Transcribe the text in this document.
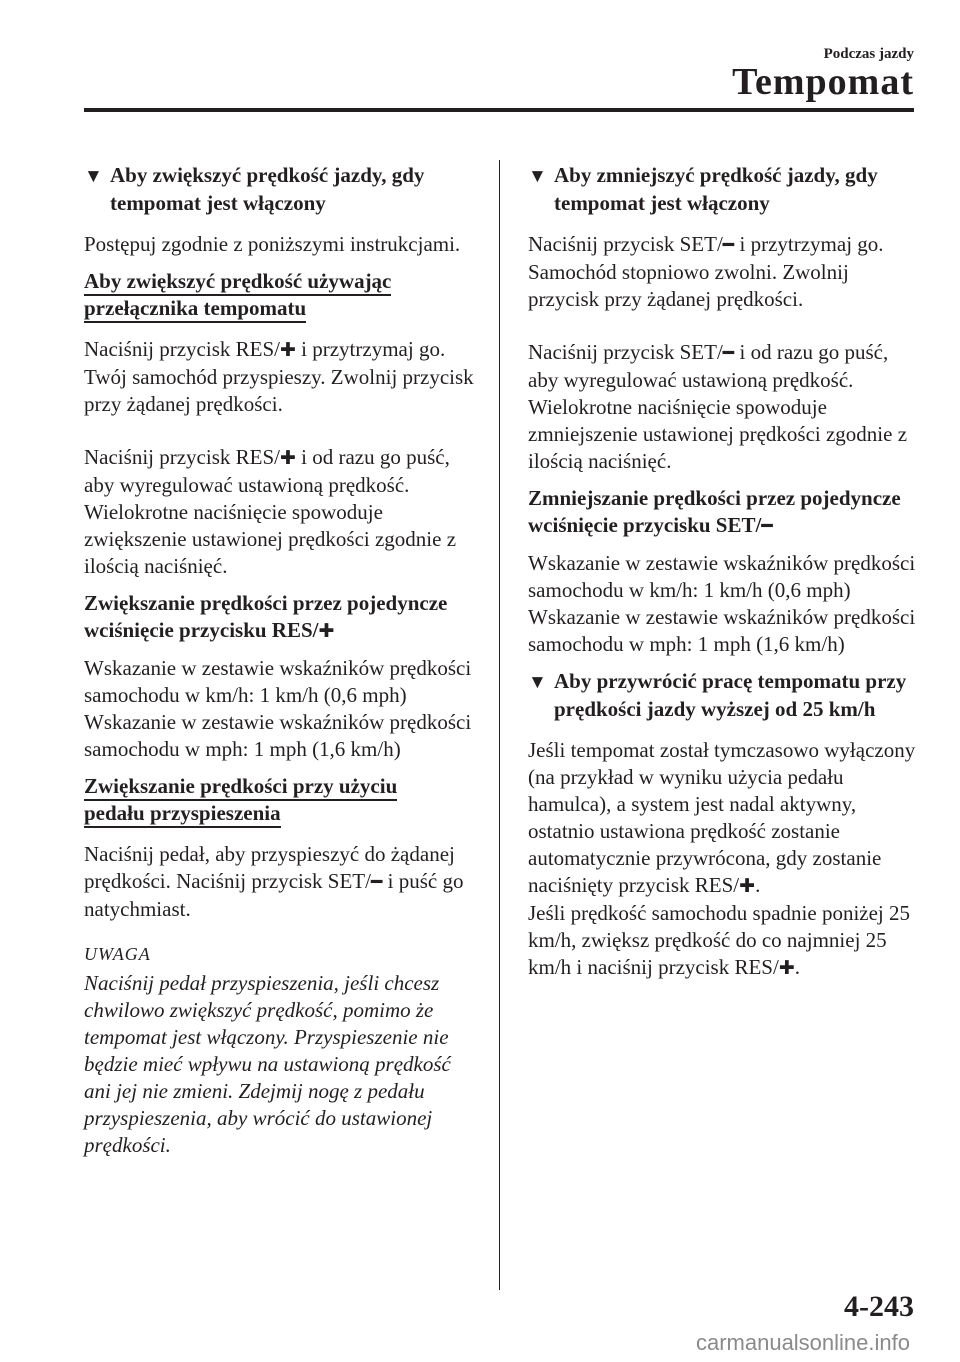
Podczas jazdy
Tempomat

▼ Aby zwiększyć prędkość jazdy, gdy tempomat jest włączony

Postępuj zgodnie z poniższymi instrukcjami.

Aby zwiększyć prędkość używając
przełącznika tempomatu

Naciśnij przycisk RES/✚ i przytrzymaj go. Twój samochód przyspieszy. Zwolnij przycisk przy żądanej prędkości.

Naciśnij przycisk RES/✚ i od razu go puść, aby wyregulować ustawioną prędkość. Wielokrotne naciśnięcie spowoduje zwiększenie ustawionej prędkości zgodnie z ilością naciśnięć.

Zwiększanie prędkości przez pojedyncze wciśnięcie przycisku RES/✚

Wskazanie w zestawie wskaźników prędkości samochodu w km/h: 1 km/h (0,6 mph)

Wskazanie w zestawie wskaźników prędkości samochodu w mph: 1 mph (1,6 km/h)

Zwiększanie prędkości przy użyciu
pedału przyspieszenia

Naciśnij pedał, aby przyspieszyć do żądanej prędkości. Naciśnij przycisk SET/━ i puść go natychmiast.

UWAGA

Naciśnij pedał przyspieszenia, jeśli chcesz chwilowo zwiększyć prędkość, pomimo że tempomat jest włączony. Przyspieszenie nie będzie mieć wpływu na ustawioną prędkość ani jej nie zmieni. Zdejmij nogę z pedału przyspieszenia, aby wrócić do ustawionej prędkości.

▼ Aby zmniejszyć prędkość jazdy, gdy tempomat jest włączony

Naciśnij przycisk SET/━ i przytrzymaj go. Samochód stopniowo zwolni. Zwolnij przycisk przy żądanej prędkości.

Naciśnij przycisk SET/━ i od razu go puść, aby wyregulować ustawioną prędkość. Wielokrotne naciśnięcie spowoduje zmniejszenie ustawionej prędkości zgodnie z ilością naciśnięć.

Zmniejszanie prędkości przez pojedyncze wciśnięcie przycisku SET/━

Wskazanie w zestawie wskaźników prędkości samochodu w km/h: 1 km/h (0,6 mph)

Wskazanie w zestawie wskaźników prędkości samochodu w mph: 1 mph (1,6 km/h)

▼ Aby przywrócić pracę tempomatu przy prędkości jazdy wyższej od 25 km/h

Jeśli tempomat został tymczasowo wyłączony (na przykład w wyniku użycia pedału hamulca), a system jest nadal aktywny, ostatnio ustawiona prędkość zostanie automatycznie przywrócona, gdy zostanie naciśnięty przycisk RES/✚.

Jeśli prędkość samochodu spadnie poniżej 25 km/h, zwiększ prędkość do co najmniej 25 km/h i naciśnij przycisk RES/✚.

4-243
carmanualsonline.info
